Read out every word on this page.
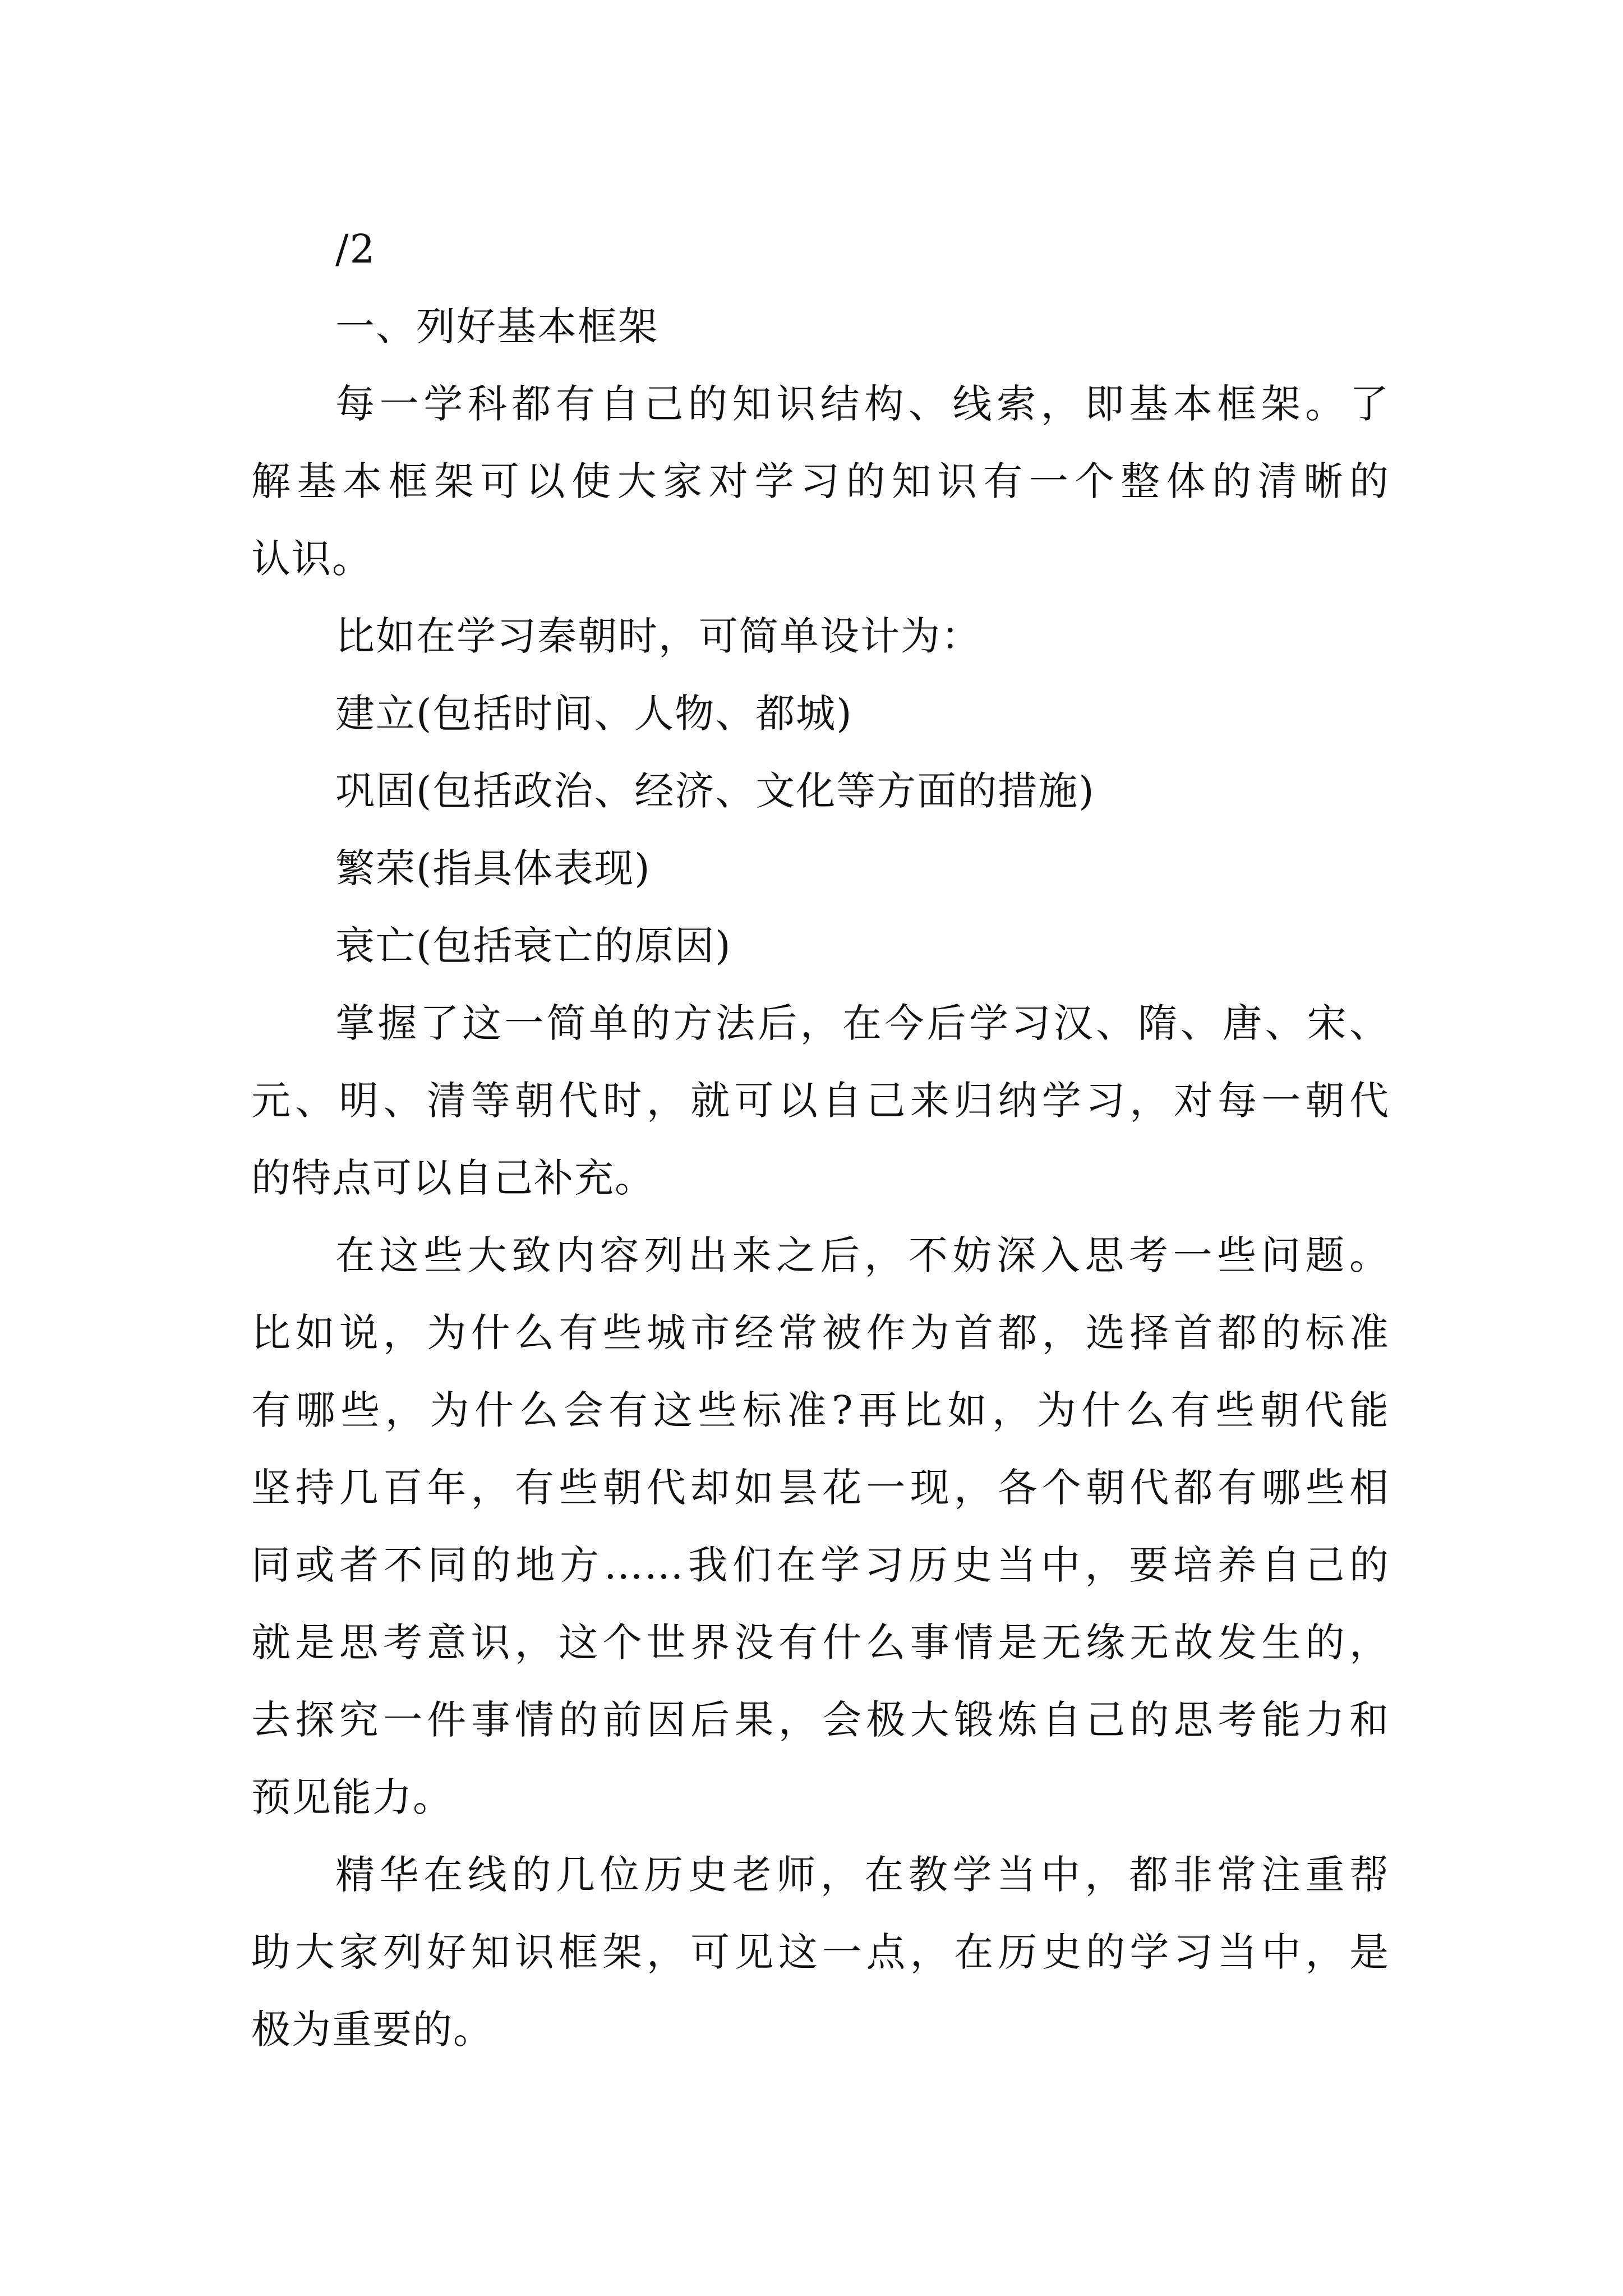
/2
一、列好基本框架
每一学科都有自己的知识结构、线索，即基本框架。了
解基本框架可以使大家对学习的知识有一个整体的清晰的
认识。
比如在学习秦朝时，可简单设计为：
建立(包括时间、人物、都城)
巩固(包括政治、经济、文化等方面的措施)
繁荣(指具体表现)
衰亡(包括衰亡的原因)
掌握了这一简单的方法后，在今后学习汉、隋、唐、宋、
元、明、清等朝代时，就可以自己来归纳学习，对每一朝代
的特点可以自己补充。
在这些大致内容列出来之后，不妨深入思考一些问题。
比如说，为什么有些城市经常被作为首都，选择首都的标准
有哪些，为什么会有这些标准?再比如，为什么有些朝代能
坚持几百年，有些朝代却如昙花一现，各个朝代都有哪些相
同或者不同的地方……我们在学习历史当中，要培养自己的
就是思考意识，这个世界没有什么事情是无缘无故发生的，
去探究一件事情的前因后果，会极大锻炼自己的思考能力和
预见能力。
精华在线的几位历史老师，在教学当中，都非常注重帮
助大家列好知识框架，可见这一点，在历史的学习当中，是
极为重要的。
